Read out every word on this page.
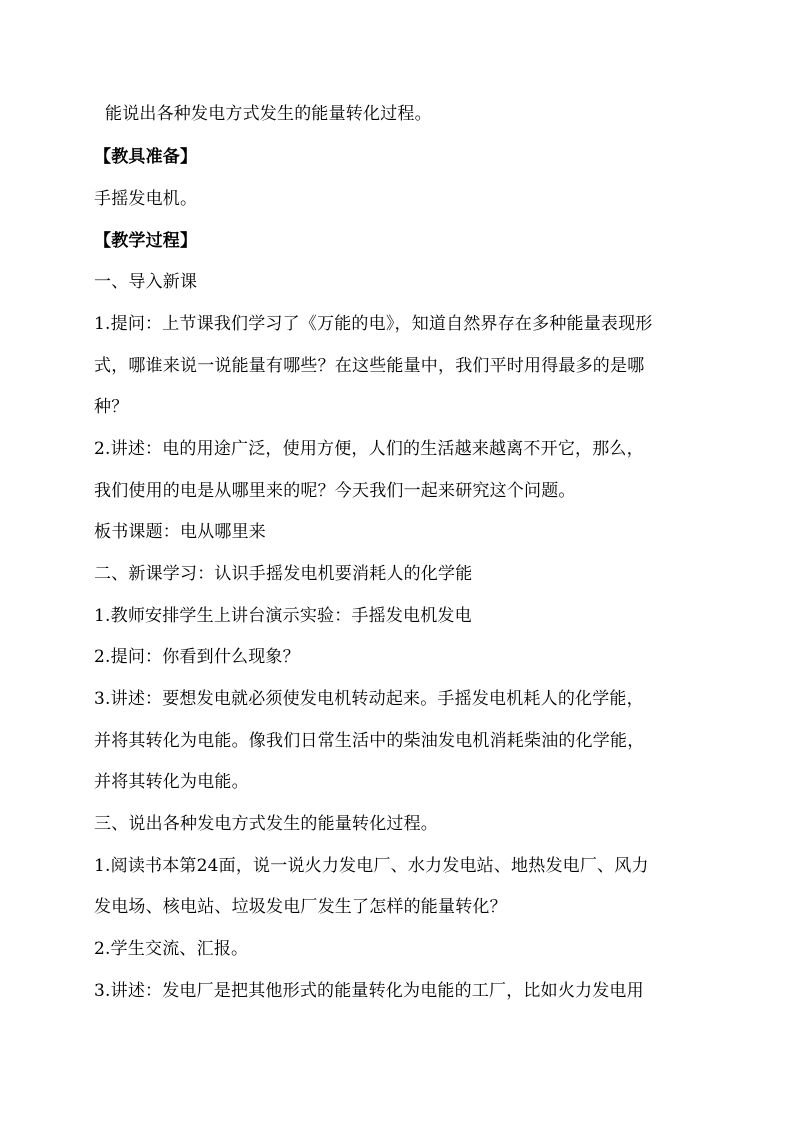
能说出各种发电方式发生的能量转化过程。
【教具准备】
手摇发电机。
【教学过程】
一、导入新课
1.提问：上节课我们学习了《万能的电》，知道自然界存在多种能量表现形
式，哪谁来说一说能量有哪些？在这些能量中，我们平时用得最多的是哪
种？
2.讲述：电的用途广泛，使用方便，人们的生活越来越离不开它，那么，
我们使用的电是从哪里来的呢？今天我们一起来研究这个问题。
板书课题：电从哪里来
二、新课学习：认识手摇发电机要消耗人的化学能
1.教师安排学生上讲台演示实验：手摇发电机发电
2.提问：你看到什么现象？
3.讲述：要想发电就必须使发电机转动起来。手摇发电机耗人的化学能，
并将其转化为电能。像我们日常生活中的柴油发电机消耗柴油的化学能，
并将其转化为电能。
三、说出各种发电方式发生的能量转化过程。
1.阅读书本第24面，说一说火力发电厂、水力发电站、地热发电厂、风力
发电场、核电站、垃圾发电厂发生了怎样的能量转化？
2.学生交流、汇报。
3.讲述：发电厂是把其他形式的能量转化为电能的工厂，比如火力发电用
